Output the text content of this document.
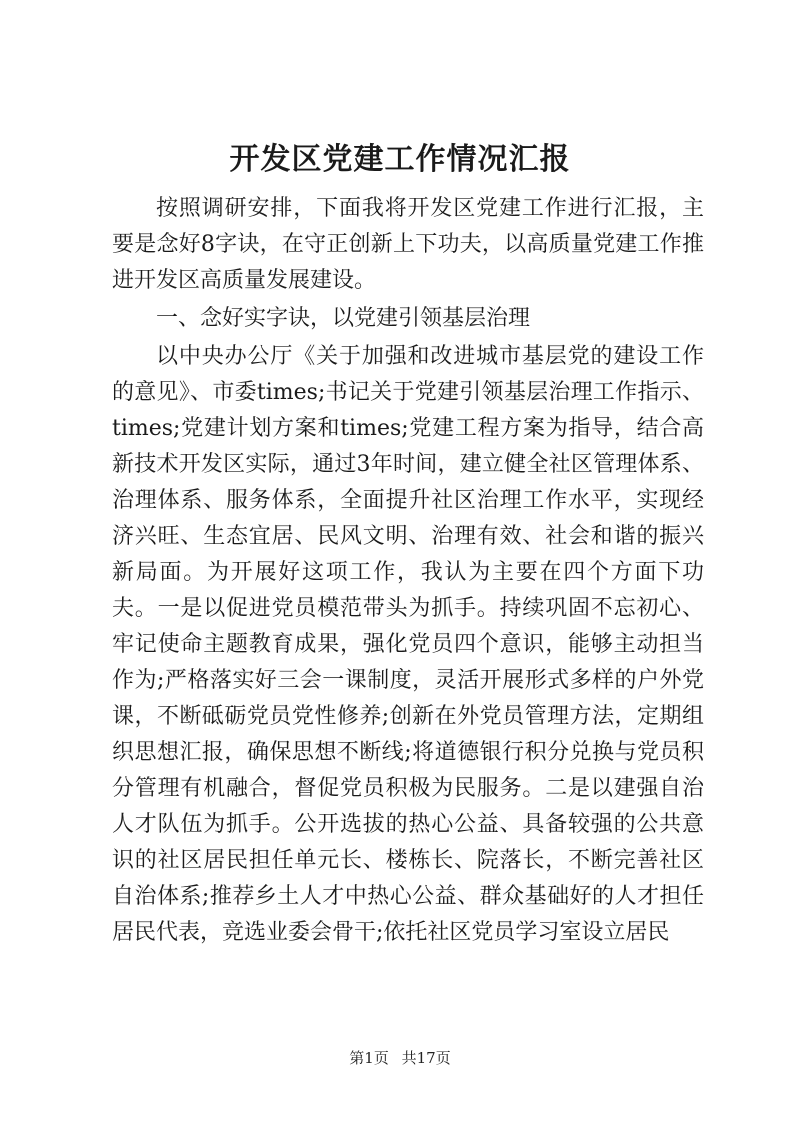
开发区党建工作情况汇报

按照调研安排，下面我将开发区党建工作进行汇报，主要是念好8字诀，在守正创新上下功夫，以高质量党建工作推进开发区高质量发展建设。

一、念好实字诀，以党建引领基层治理

以中央办公厅《关于加强和改进城市基层党的建设工作的意见》、市委times;书记关于党建引领基层治理工作指示、times;党建计划方案和times;党建工程方案为指导，结合高新技术开发区实际，通过3年时间，建立健全社区管理体系、治理体系、服务体系，全面提升社区治理工作水平，实现经济兴旺、生态宜居、民风文明、治理有效、社会和谐的振兴新局面。为开展好这项工作，我认为主要在四个方面下功夫。一是以促进党员模范带头为抓手。持续巩固不忘初心、牢记使命主题教育成果，强化党员四个意识，能够主动担当作为;严格落实好三会一课制度，灵活开展形式多样的户外党课，不断砥砺党员党性修养;创新在外党员管理方法，定期组织思想汇报，确保思想不断线;将道德银行积分兑换与党员积分管理有机融合，督促党员积极为民服务。二是以建强自治人才队伍为抓手。公开选拔的热心公益、具备较强的公共意识的社区居民担任单元长、楼栋长、院落长，不断完善社区自治体系;推荐乡土人才中热心公益、群众基础好的人才担任居民代表，竞选业委会骨干;依托社区党员学习室设立居民

第1页 共17页
